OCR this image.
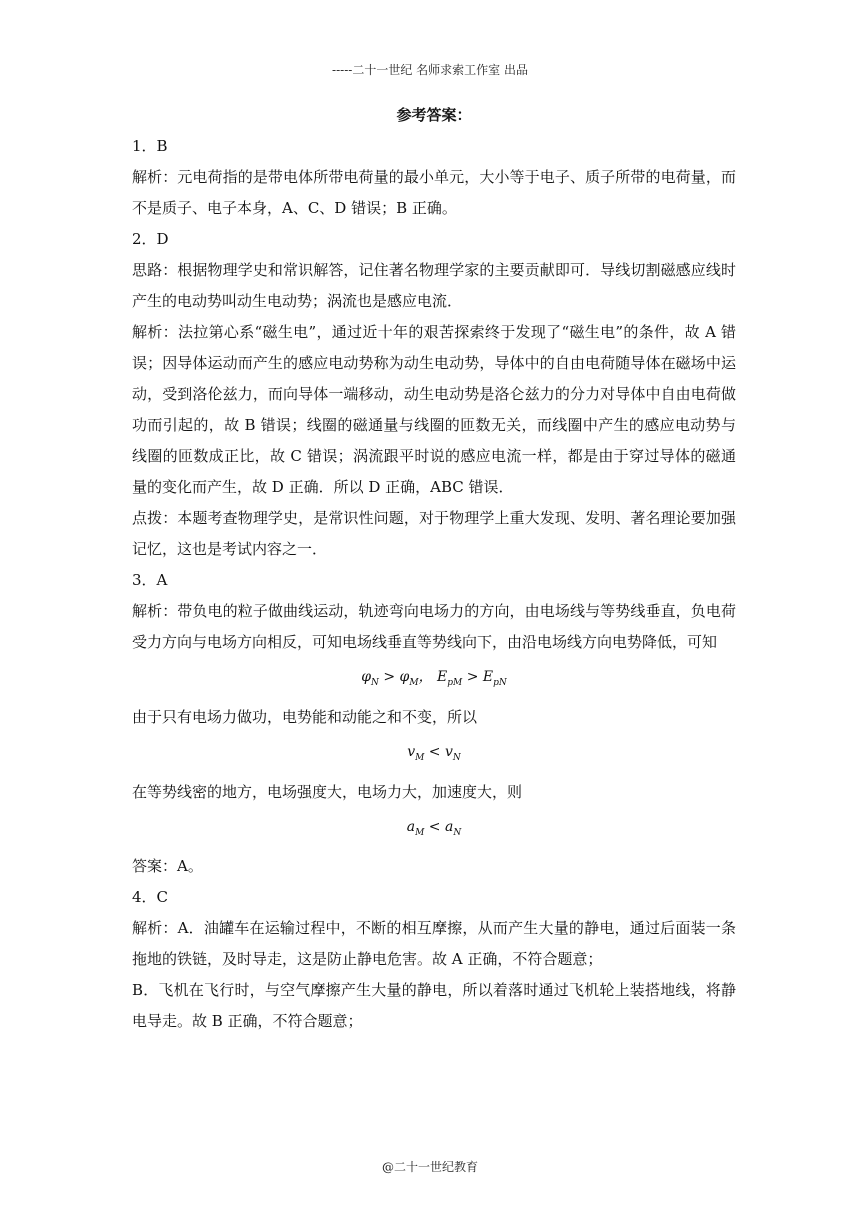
-----二十一世纪 名师求索工作室 出品

参考答案：

1．B

解析：元电荷指的是带电体所带电荷量的最小单元，大小等于电子、质子所带的电荷量，而不是质子、电子本身，A、C、D 错误；B 正确。

2．D

思路：根据物理学史和常识解答，记住著名物理学家的主要贡献即可．导线切割磁感应线时产生的电动势叫动生电动势；涡流也是感应电流．

解析：法拉第心系“磁生电”，通过近十年的艰苦探索终于发现了“磁生电”的条件，故 A 错误；因导体运动而产生的感应电动势称为动生电动势，导体中的自由电荷随导体在磁场中运动，受到洛伦兹力，而向导体一端移动，动生电动势是洛仑兹力的分力对导体中自由电荷做功而引起的，故 B 错误；线圈的磁通量与线圈的匝数无关，而线圈中产生的感应电动势与线圈的匝数成正比，故 C 错误；涡流跟平时说的感应电流一样，都是由于穿过导体的磁通量的变化而产生，故 D 正确．所以 D 正确，ABC 错误．

点拨：本题考查物理学史，是常识性问题，对于物理学上重大发现、发明、著名理论要加强记忆，这也是考试内容之一．

3．A

解析：带负电的粒子做曲线运动，轨迹弯向电场力的方向，由电场线与等势线垂直，负电荷受力方向与电场方向相反，可知电场线垂直等势线向下，由沿电场线方向电势降低，可知

$\varphi_N > \varphi_M$， $E_{pM} > E_{pN}$

由于只有电场力做功，电势能和动能之和不变，所以

$v_M < v_N$

在等势线密的地方，电场强度大，电场力大，加速度大，则

$a_M < a_N$

答案：A。

4．C

解析：A．油罐车在运输过程中，不断的相互摩擦，从而产生大量的静电，通过后面装一条拖地的铁链，及时导走，这是防止静电危害。故 A 正确，不符合题意；

B．飞机在飞行时，与空气摩擦产生大量的静电，所以着落时通过飞机轮上装搭地线，将静电导走。故 B 正确，不符合题意；

@二十一世纪教育
